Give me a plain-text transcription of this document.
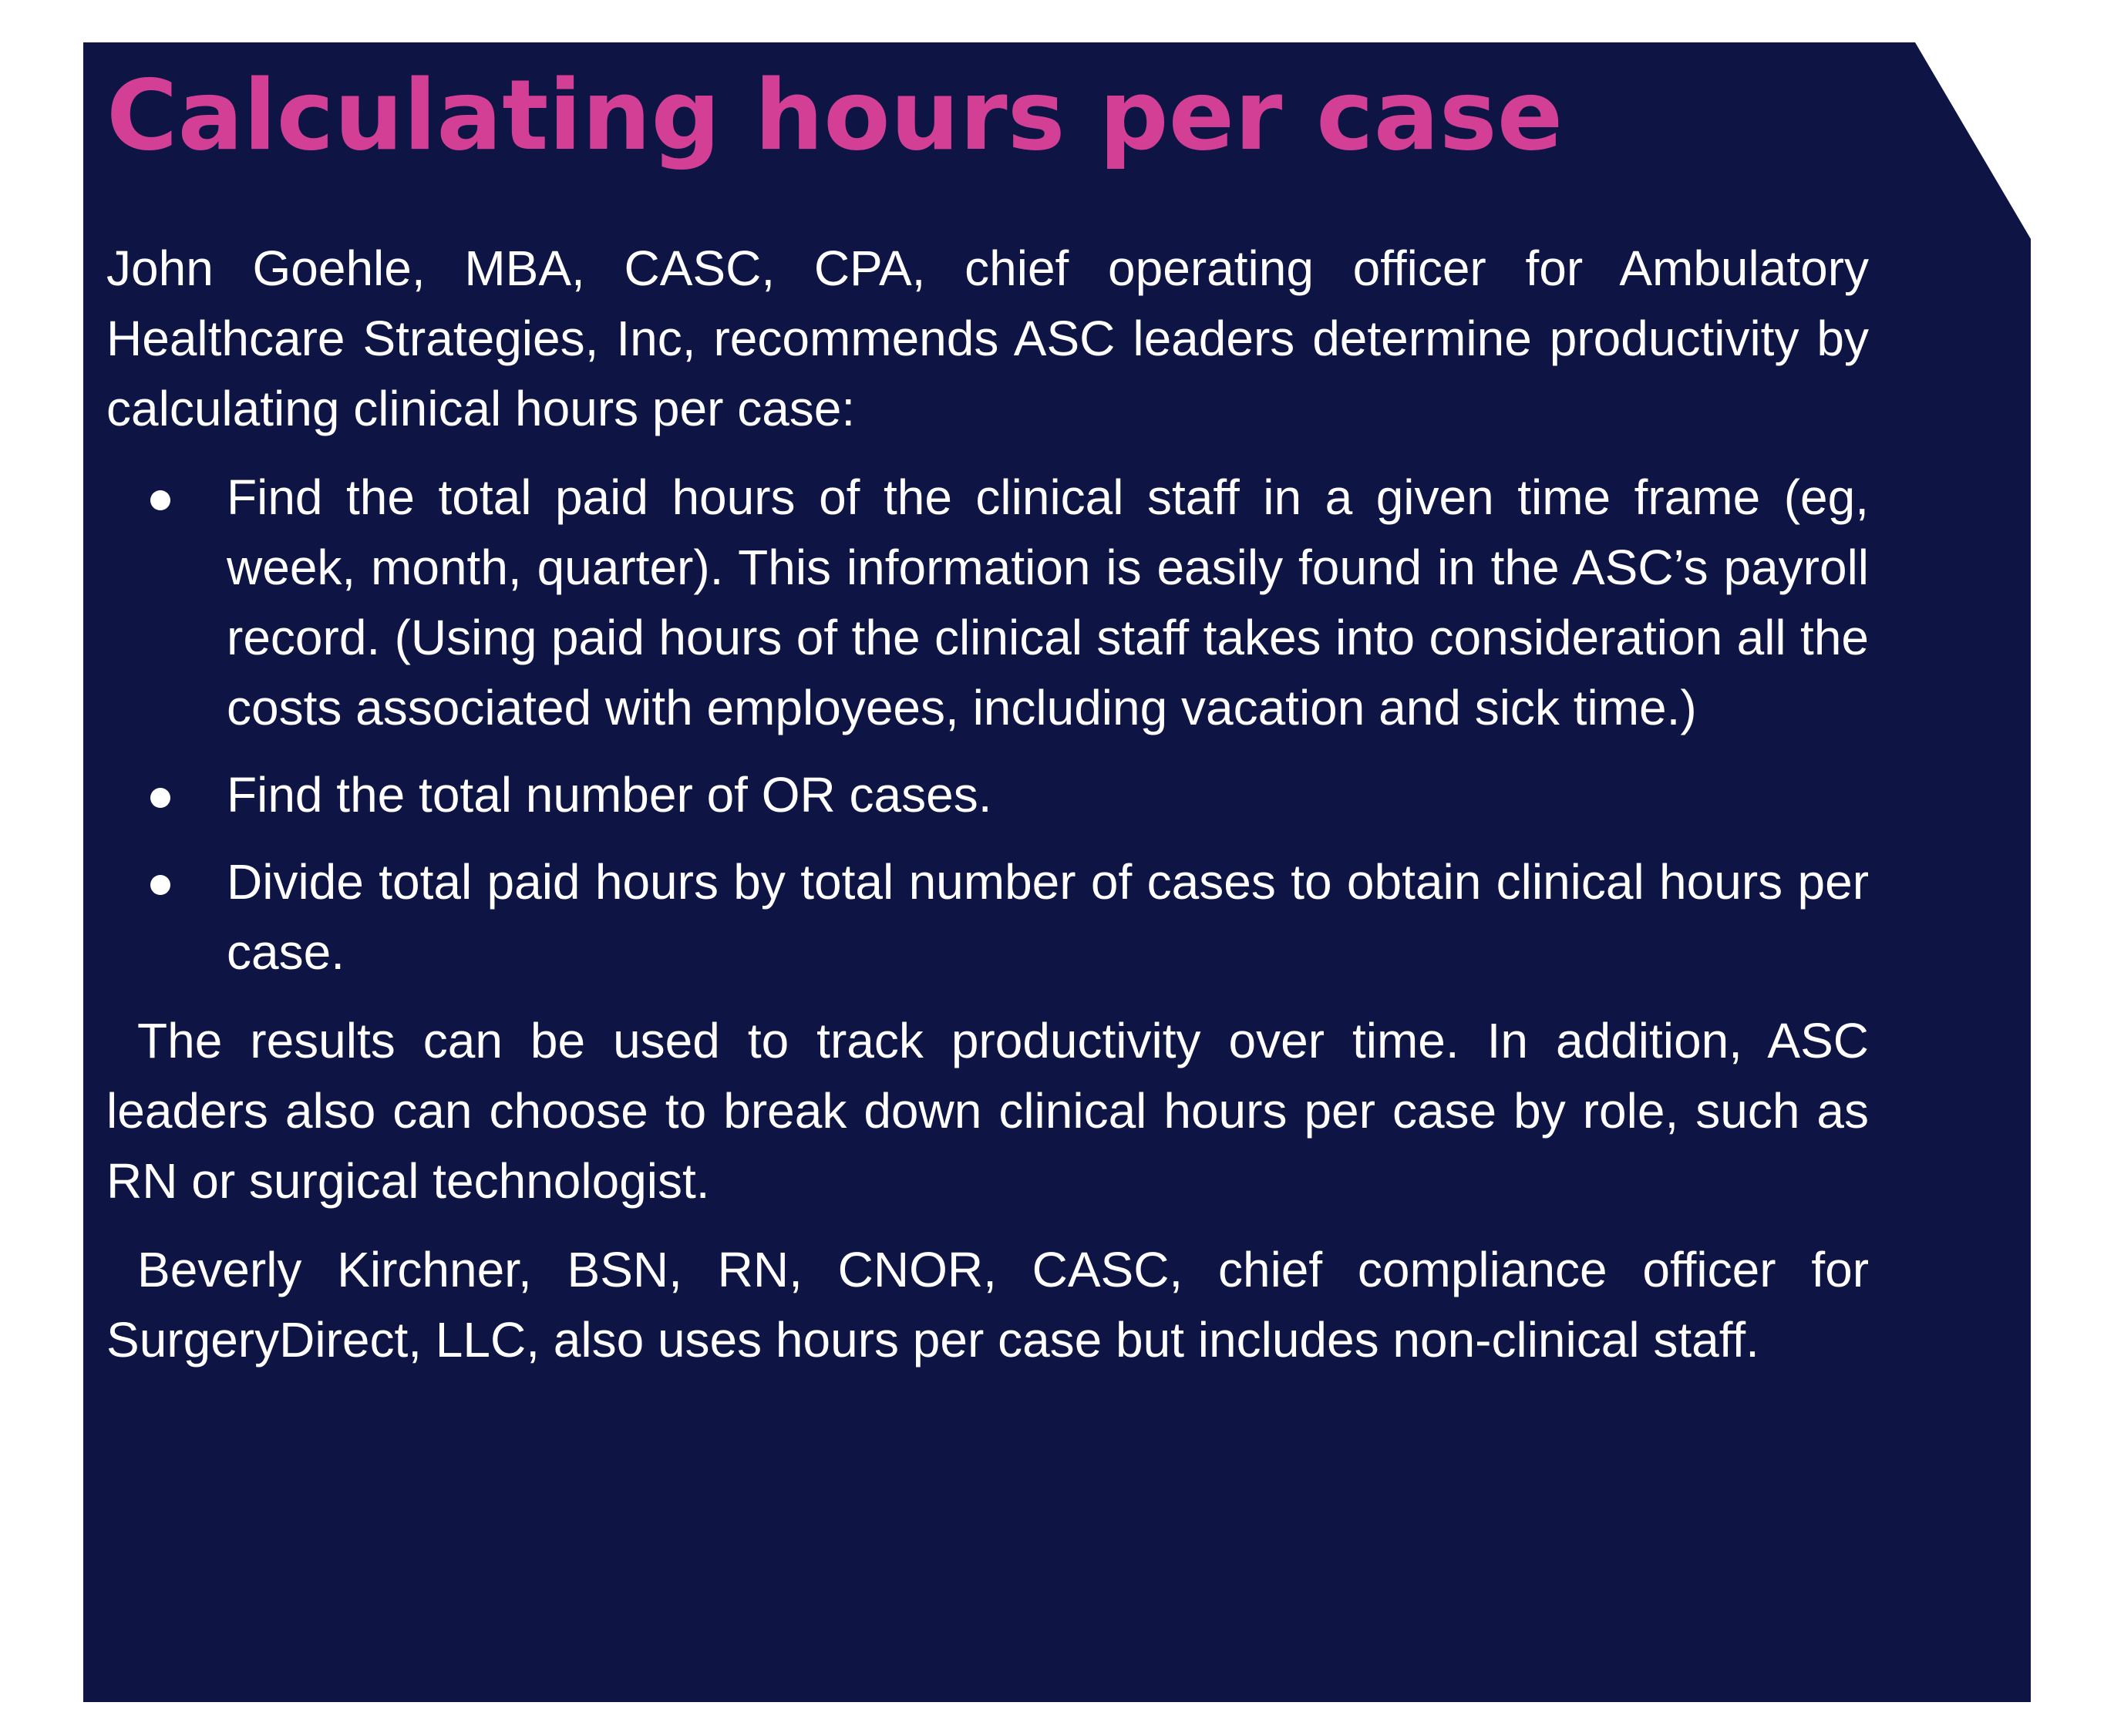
Calculating hours per case

John Goehle, MBA, CASC, CPA, chief operating officer for Ambulatory Healthcare Strategies, Inc, recommends ASC leaders determine productivity by calculating clinical hours per case:

Find the total paid hours of the clinical staff in a given time frame (eg, week, month, quarter). This information is easily found in the ASC’s payroll record. (Using paid hours of the clinical staff takes into consideration all the costs associated with employees, including vacation and sick time.)
Find the total number of OR cases.
Divide total paid hours by total number of cases to obtain clinical hours per case.

The results can be used to track productivity over time. In addition, ASC leaders also can choose to break down clinical hours per case by role, such as RN or surgical technologist.

Beverly Kirchner, BSN, RN, CNOR, CASC, chief compliance officer for SurgeryDirect, LLC, also uses hours per case but includes non-clinical staff.
